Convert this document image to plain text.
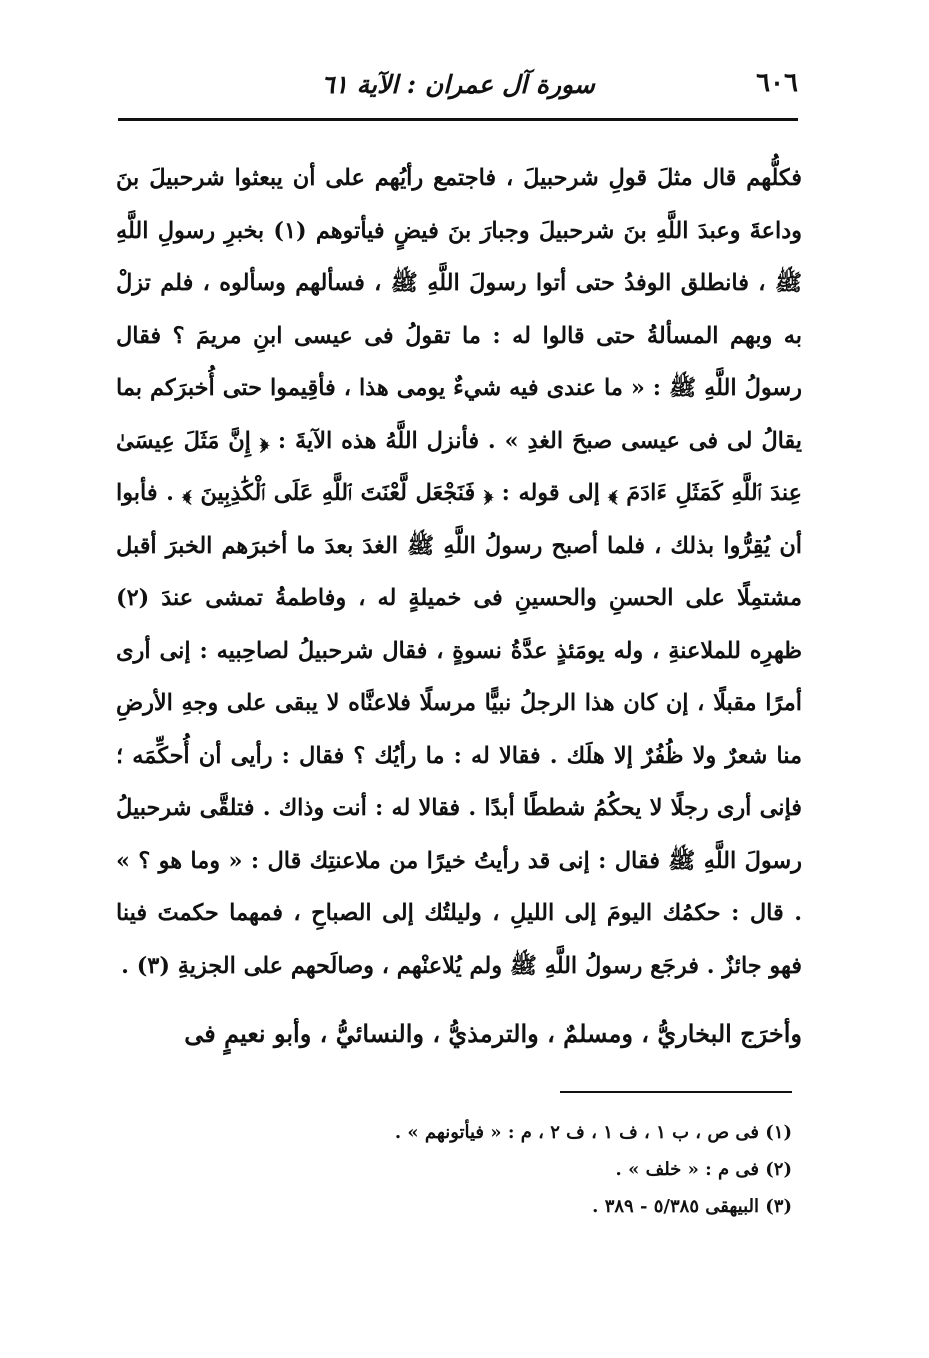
٦٠٦
سورة آل عمران : الآية ٦١

فكلُّهم قال مثلَ قولِ شرحبيلَ ، فاجتمع رأيُهم على أن يبعثوا شرحبيلَ بنَ وداعةَ وعبدَ اللَّهِ بنَ شرحبيلَ وجبارَ بنَ فيضٍ فيأتوهم (١) بخبرِ رسولِ اللَّهِ ﷺ ، فانطلق الوفدُ حتى أتوا رسولَ اللَّهِ ﷺ ، فسألهم وسألوه ، فلم تزلْ به وبهم المسألةُ حتى قالوا له : ما تقولُ فى عيسى ابنِ مريمَ ؟ فقال رسولُ اللَّهِ ﷺ : « ما عندى فيه شيءٌ يومى هذا ، فأقِيموا حتى أُخبرَكم بما يقالُ لى فى عيسى صبحَ الغدِ » . فأنزل اللَّهُ هذه الآيةَ : ﴿ إِنَّ مَثَلَ عِيسَىٰ عِندَ ٱللَّهِ كَمَثَلِ ءَادَمَ ﴾ إلى قوله : ﴿ فَنَجْعَل لَّعْنَتَ ٱللَّهِ عَلَى ٱلْكَٰذِبِينَ ﴾ . فأبوا أن يُقِرُّوا بذلك ، فلما أصبح رسولُ اللَّهِ ﷺ الغدَ بعدَ ما أخبرَهم الخبرَ أقبل مشتمِلًا على الحسنِ والحسينِ فى خميلةٍ له ، وفاطمةُ تمشى عندَ (٢) ظهرِه للملاعنةِ ، وله يومَئذٍ عدَّةُ نسوةٍ ، فقال شرحبيلُ لصاحِبيه : إنى أرى أمرًا مقبلًا ، إن كان هذا الرجلُ نبيًّا مرسلًا فلاعنَّاه لا يبقى على وجهِ الأرضِ منا شعرٌ ولا ظُفُرٌ إلا هلَك . فقالا له : ما رأيُك ؟ فقال : رأيى أن أُحكِّمَه ؛ فإنى أرى رجلًا لا يحكُمُ شططًا أبدًا . فقالا له : أنت وذاك . فتلقَّى شرحبيلُ رسولَ اللَّهِ ﷺ فقال : إنى قد رأيتُ خيرًا من ملاعنتِك قال : « وما هو ؟ » . قال : حكمُك اليومَ إلى الليلِ ، وليلتُك إلى الصباحِ ، فمهما حكمتَ فينا فهو جائزٌ . فرجَع رسولُ اللَّهِ ﷺ ولم يُلاعنْهم ، وصالَحهم على الجزيةِ (٣) .

وأخرَج البخاريُّ ، ومسلمٌ ، والترمذيُّ ، والنسائيُّ ، وأبو نعيمٍ فى

(١) فى ص ، ب ١ ، ف ١ ، ف ٢ ، م : « فيأتونهم » .
(٢) فى م : « خلف » .
(٣) البيهقى ٥/٣٨٥ - ٣٨٩ .
